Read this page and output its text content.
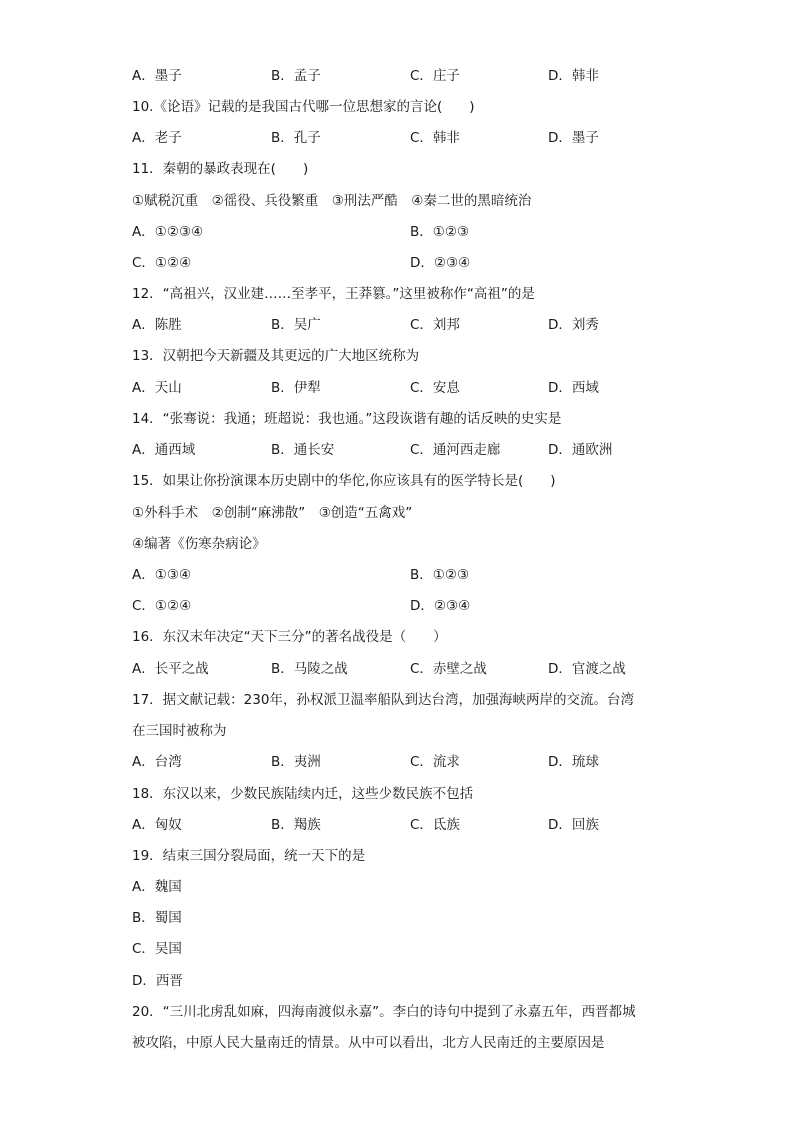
A．墨子	B．孟子	C．庄子	D．韩非
10.《论语》记载的是我国古代哪一位思想家的言论(　　)
A．老子	B．孔子	C．韩非	D．墨子
11．秦朝的暴政表现在(　　)
①赋税沉重　②徭役、兵役繁重　③刑法严酷　④秦二世的黑暗统治
A．①②③④	B．①②③
C．①②④	D．②③④
12．“高祖兴，汉业建……至孝平，王莽篡。”这里被称作“高祖”的是
A．陈胜	B．吴广	C．刘邦	D．刘秀
13．汉朝把今天新疆及其更远的广大地区统称为
A．天山	B．伊犁	C．安息	D．西域
14．“张骞说：我通；班超说：我也通。”这段诙谐有趣的话反映的史实是
A．通西域	B．通长安	C．通河西走廊	D．通欧洲
15．如果让你扮演课本历史剧中的华佗,你应该具有的医学特长是(　　)
①外科手术　②创制“麻沸散”　③创造“五禽戏”
④编著《伤寒杂病论》
A．①③④	B．①②③
C．①②④	D．②③④
16．东汉末年决定“天下三分”的著名战役是（　　）
A．长平之战	B．马陵之战	C．赤壁之战	D．官渡之战
17．据文献记载：230年，孙权派卫温率船队到达台湾，加强海峡两岸的交流。台湾
在三国时被称为
A．台湾	B．夷洲	C．流求	D．琉球
18．东汉以来，少数民族陆续内迁，这些少数民族不包括
A．匈奴	B．羯族	C．氐族	D．回族
19．结束三国分裂局面，统一天下的是
A．魏国
B．蜀国
C．吴国
D．西晋
20．“三川北虏乱如麻，四海南渡似永嘉”。李白的诗句中提到了永嘉五年，西晋都城
被攻陷，中原人民大量南迁的情景。从中可以看出，北方人民南迁的主要原因是
